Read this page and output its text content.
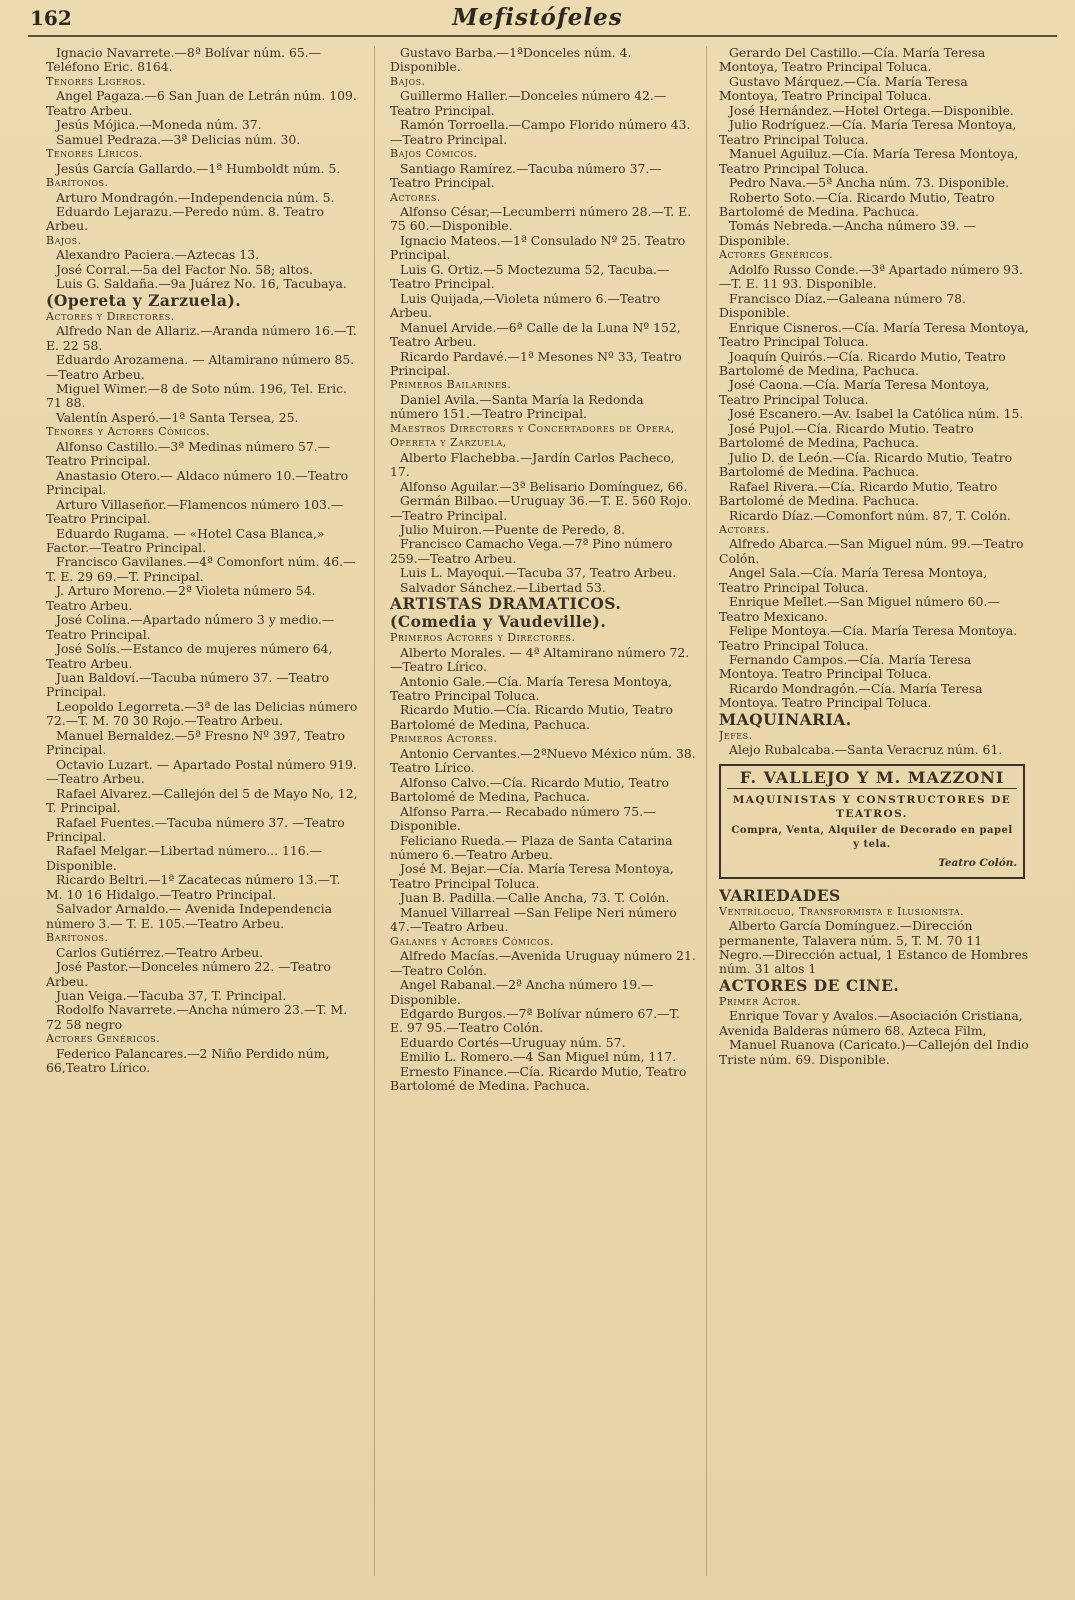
162	Mefistófeles

Ignacio Navarrete.—8ª Bolívar núm. 65.—Teléfono Eric. 8164.

Tenores Ligeros.

Angel Pagaza.—6 San Juan de Letrán núm. 109. Teatro Arbeu.

Jesús Mójica.—Moneda núm. 37.

Samuel Pedraza.—3ª Delicias núm. 30.

Tenores Líricos.

Jesús García Gallardo.—1ª Humboldt núm. 5.

Barítonos.

Arturo Mondragón.—Independencia núm. 5.

Eduardo Lejarazu.—Peredo núm. 8. Teatro Arbeu.

Bajos.

Alexandro Paciera.—Aztecas 13.

José Corral.—5a del Factor No. 58; altos.

Luis G. Saldaña.—9a Juárez No. 16, Tacubaya.

(Opereta y Zarzuela).

Actores y Directores.

Alfredo Nan de Allariz.—Aranda número 16.—T. E. 22 58.

Eduardo Arozamena. — Altamirano número 85.—Teatro Arbeu.

Miguel Wimer.—8 de Soto núm. 196, Tel. Eric. 71 88.

Valentín Asperó.—1ª Santa Tersea, 25.

Tenores y Actores Cómicos.

Alfonso Castillo.—3ª Medinas número 57.—Teatro Principal.

Anastasio Otero.— Aldaco número 10.—Teatro Principal.

Arturo Villaseñor.—Flamencos número 103.—Teatro Principal.

Eduardo Rugama. — «Hotel Casa Blanca,» Factor.—Teatro Principal.

Francisco Gavilanes.—4ª Comonfort núm. 46.—T. E. 29 69.—T. Principal.

J. Arturo Moreno.—2ª Violeta número 54. Teatro Arbeu.

José Colina.—Apartado número 3 y medio.—Teatro Principal.

José Solís.—Estanco de mujeres número 64, Teatro Arbeu.

Juan Baldoví.—Tacuba número 37. —Teatro Principal.

Leopoldo Legorreta.—3ª de las Delicias número 72.—T. M. 70 30 Rojo.—Teatro Arbeu.

Manuel Bernaldez.—5ª Fresno Nº 397, Teatro Principal.

Octavio Luzart. — Apartado Postal número 919.—Teatro Arbeu.

Rafael Alvarez.—Callejón del 5 de Mayo No, 12, T. Principal.

Rafael Fuentes.—Tacuba número 37. —Teatro Principal.

Rafael Melgar.—Libertad número... 116.—Disponible.

Ricardo Beltri.—1ª Zacatecas número 13.—T. M. 10 16 Hidalgo.—Teatro Principal.

Salvador Arnaldo.— Avenida Independencia número 3.— T. E. 105.—Teatro Arbeu.

Barítonos.

Carlos Gutiérrez.—Teatro Arbeu.

José Pastor.—Donceles número 22. —Teatro Arbeu.

Juan Veiga.—Tacuba 37, T. Principal.

Rodolfo Navarrete.—Ancha número 23.—T. M. 72 58 negro

Actores Genéricos.

Federico Palancares.—2 Niño Perdido núm, 66,Teatro Lírico.

Gustavo Barba.—1ªDonceles núm. 4. Disponible.

Bajos.

Guillermo Haller.—Donceles número 42.—Teatro Principal.

Ramón Torroella.—Campo Florido número 43.—Teatro Principal.

Bajos Cómicos.

Santiago Ramírez.—Tacuba número 37.—Teatro Principal.

Actores.

Alfonso César,—Lecumberri número 28.—T. E. 75 60.—Disponible.

Ignacio Mateos.—1ª Consulado Nº 25. Teatro Principal.

Luis G. Ortiz.—5 Moctezuma 52, Tacuba.—Teatro Principal.

Luis Quijada,—Violeta número 6.—Teatro Arbeu.

Manuel Arvide.—6ª Calle de la Luna Nº 152, Teatro Arbeu.

Ricardo Pardavé.—1ª Mesones Nº 33, Teatro Principal.

Primeros Bailarines.

Daniel Avila.—Santa María la Redonda número 151.—Teatro Principal.

Maestros Directores y Concertadores de Opera, Opereta y Zarzuela,

Alberto Flachebba.—Jardín Carlos Pacheco, 17.

Alfonso Aguilar.—3ª Belisario Domínguez, 66.

Germán Bilbao.—Uruguay 36.—T. E. 560 Rojo.—Teatro Principal.

Julio Muiron.—Puente de Peredo, 8.

Francisco Camacho Vega.—7ª Pino número 259.—Teatro Arbeu.

Luis L. Mayoqui.—Tacuba 37, Teatro Arbeu.

Salvador Sánchez.—Libertad 53.

ARTISTAS DRAMATICOS.

(Comedia y Vaudeville).

Primeros Actores y Directores.

Alberto Morales. — 4ª Altamirano número 72.—Teatro Lírico.

Antonio Gale.—Cía. María Teresa Montoya, Teatro Principal Toluca.

Ricardo Mutio.—Cía. Ricardo Mutio, Teatro Bartolomé de Medina, Pachuca.

Primeros Actores.

Antonio Cervantes.—2ªNuevo México núm. 38. Teatro Lírico.

Alfonso Calvo.—Cía. Ricardo Mutio, Teatro Bartolomé de Medina, Pachuca.

Alfonso Parra.— Recabado número 75.—Disponible.

Feliciano Rueda.— Plaza de Santa Catarina número 6.—Teatro Arbeu.

José M. Bejar.—Cía. María Teresa Montoya, Teatro Principal Toluca.

Juan B. Padilla.—Calle Ancha, 73. T. Colón.

Manuel Villarreal —San Felipe Neri número 47.—Teatro Arbeu.

Galanes y Actores Cómicos.

Alfredo Macías.—Avenida Uruguay número 21.—Teatro Colón.

Angel Rabanal.—2ª Ancha número 19.—Disponible.

Edgardo Burgos.—7ª Bolívar número 67.—T. E. 97 95.—Teatro Colón.

Eduardo Cortés—Uruguay núm. 57.

Emilio L. Romero.—4 San Miguel núm, 117.

Ernesto Finance.—Cía. Ricardo Mutio, Teatro Bartolomé de Medina. Pachuca.

Gerardo Del Castillo.—Cía. María Teresa Montoya, Teatro Principal Toluca.

Gustavo Márquez.—Cía. María Teresa Montoya, Teatro Principal Toluca.

José Hernández.—Hotel Ortega.—Disponible.

Julio Rodríguez.—Cía. María Teresa Montoya, Teatro Principal Toluca.

Manuel Aguiluz.—Cía. María Teresa Montoya, Teatro Principal Toluca.

Pedro Nava.—5ª Ancha núm. 73. Disponible.

Roberto Soto.—Cía. Ricardo Mutio, Teatro Bartolomé de Medina. Pachuca.

Tomás Nebreda.—Ancha número 39. —Disponible.

Actores Genéricos.

Adolfo Russo Conde.—3ª Apartado número 93.—T. E. 11 93. Disponible.

Francisco Díaz.—Galeana número 78. Disponible.

Enrique Cisneros.—Cía. María Teresa Montoya, Teatro Principal Toluca.

Joaquín Quirós.—Cía. Ricardo Mutio, Teatro Bartolomé de Medina, Pachuca.

José Caona.—Cía. María Teresa Montoya, Teatro Principal Toluca.

José Escanero.—Av. Isabel la Católica núm. 15.

José Pujol.—Cía. Ricardo Mutio. Teatro Bartolomé de Medina, Pachuca.

Julio D. de León.—Cía. Ricardo Mutio, Teatro Bartolomé de Medina. Pachuca.

Rafael Rivera.—Cía. Ricardo Mutio, Teatro Bartolomé de Medina. Pachuca.

Ricardo Díaz.—Comonfort núm. 87, T. Colón.

Actores.

Alfredo Abarca.—San Miguel núm. 99.—Teatro Colón.

Angel Sala.—Cía. María Teresa Montoya, Teatro Principal Toluca.

Enrique Mellet.—San Miguel número 60.—Teatro Mexicano.

Felipe Montoya.—Cía. María Teresa Montoya. Teatro Principal Toluca.

Fernando Campos.—Cía. María Teresa Montoya. Teatro Principal Toluca.

Ricardo Mondragón.—Cía. María Teresa Montoya. Teatro Principal Toluca.

MAQUINARIA.

Jefes.

Alejo Rubalcaba.—Santa Veracruz núm. 61.

F. VALLEJO Y M. MAZZONI
MAQUINISTAS Y CONSTRUCTORES DE TEATROS.
Compra, Venta, Alquiler de Decorado en papel y tela.
Teatro Colón.

VARIEDADES

Ventrílocuo, Transformista e Ilusionista.

Alberto García Domínguez.—Dirección permanente, Talavera núm. 5, T. M. 70 11 Negro.—Dirección actual, 1 Estanco de Hombres núm. 31 altos 1

ACTORES DE CINE.

Primer Actor.

Enrique Tovar y Avalos.—Asociación Cristiana, Avenida Balderas número 68. Azteca Film,

Manuel Ruanova (Caricato.)—Callejón del Indio Triste núm. 69. Disponible.
